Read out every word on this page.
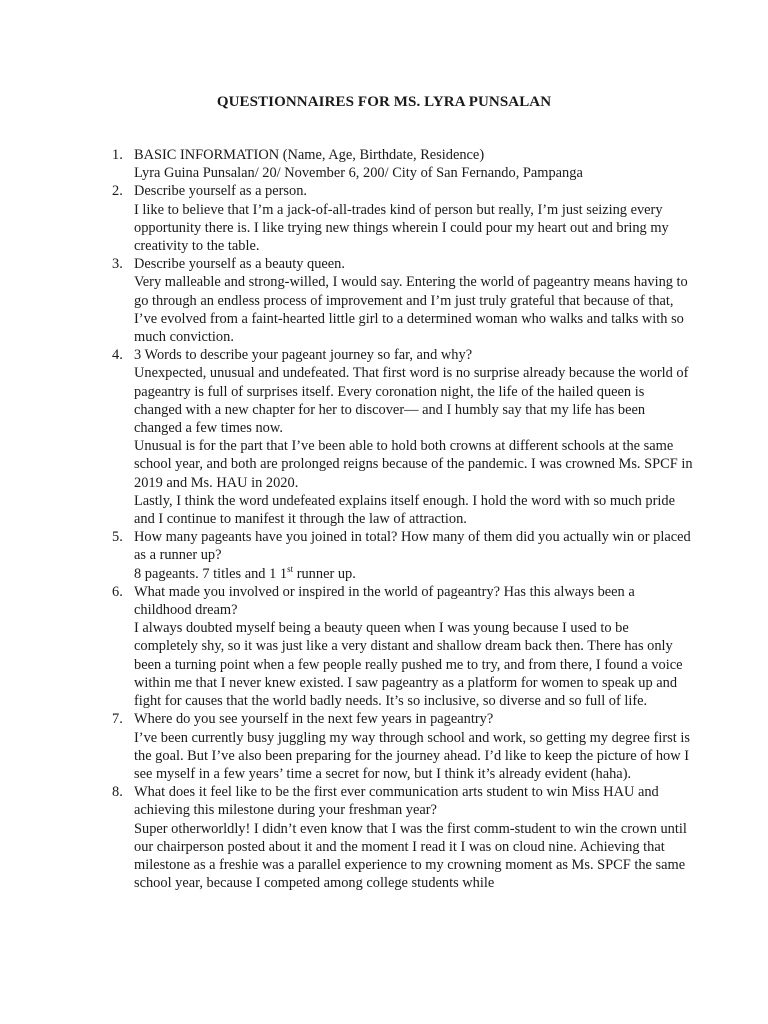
QUESTIONNAIRES FOR MS. LYRA PUNSALAN
1. BASIC INFORMATION (Name, Age, Birthdate, Residence)
Lyra Guina Punsalan/ 20/ November 6, 200/ City of San Fernando, Pampanga
2. Describe yourself as a person.
I like to believe that I’m a jack-of-all-trades kind of person but really, I’m just seizing every opportunity there is. I like trying new things wherein I could pour my heart out and bring my creativity to the table.
3. Describe yourself as a beauty queen.
Very malleable and strong-willed, I would say. Entering the world of pageantry means having to go through an endless process of improvement and I’m just truly grateful that because of that, I’ve evolved from a faint-hearted little girl to a determined woman who walks and talks with so much conviction.
4. 3 Words to describe your pageant journey so far, and why?
Unexpected, unusual and undefeated. That first word is no surprise already because the world of pageantry is full of surprises itself. Every coronation night, the life of the hailed queen is changed with a new chapter for her to discover— and I humbly say that my life has been changed a few times now.
Unusual is for the part that I’ve been able to hold both crowns at different schools at the same school year, and both are prolonged reigns because of the pandemic. I was crowned Ms. SPCF in 2019 and Ms. HAU in 2020.
Lastly, I think the word undefeated explains itself enough. I hold the word with so much pride and I continue to manifest it through the law of attraction.
5. How many pageants have you joined in total? How many of them did you actually win or placed as a runner up?
8 pageants. 7 titles and 1 1st runner up.
6. What made you involved or inspired in the world of pageantry? Has this always been a childhood dream?
I always doubted myself being a beauty queen when I was young because I used to be completely shy, so it was just like a very distant and shallow dream back then. There has only been a turning point when a few people really pushed me to try, and from there, I found a voice within me that I never knew existed. I saw pageantry as a platform for women to speak up and fight for causes that the world badly needs. It’s so inclusive, so diverse and so full of life.
7. Where do you see yourself in the next few years in pageantry?
I’ve been currently busy juggling my way through school and work, so getting my degree first is the goal. But I’ve also been preparing for the journey ahead. I’d like to keep the picture of how I see myself in a few years’ time a secret for now, but I think it’s already evident (haha).
8. What does it feel like to be the first ever communication arts student to win Miss HAU and achieving this milestone during your freshman year?
Super otherworldly! I didn’t even know that I was the first comm-student to win the crown until our chairperson posted about it and the moment I read it I was on cloud nine. Achieving that milestone as a freshie was a parallel experience to my crowning moment as Ms. SPCF the same school year, because I competed among college students while
